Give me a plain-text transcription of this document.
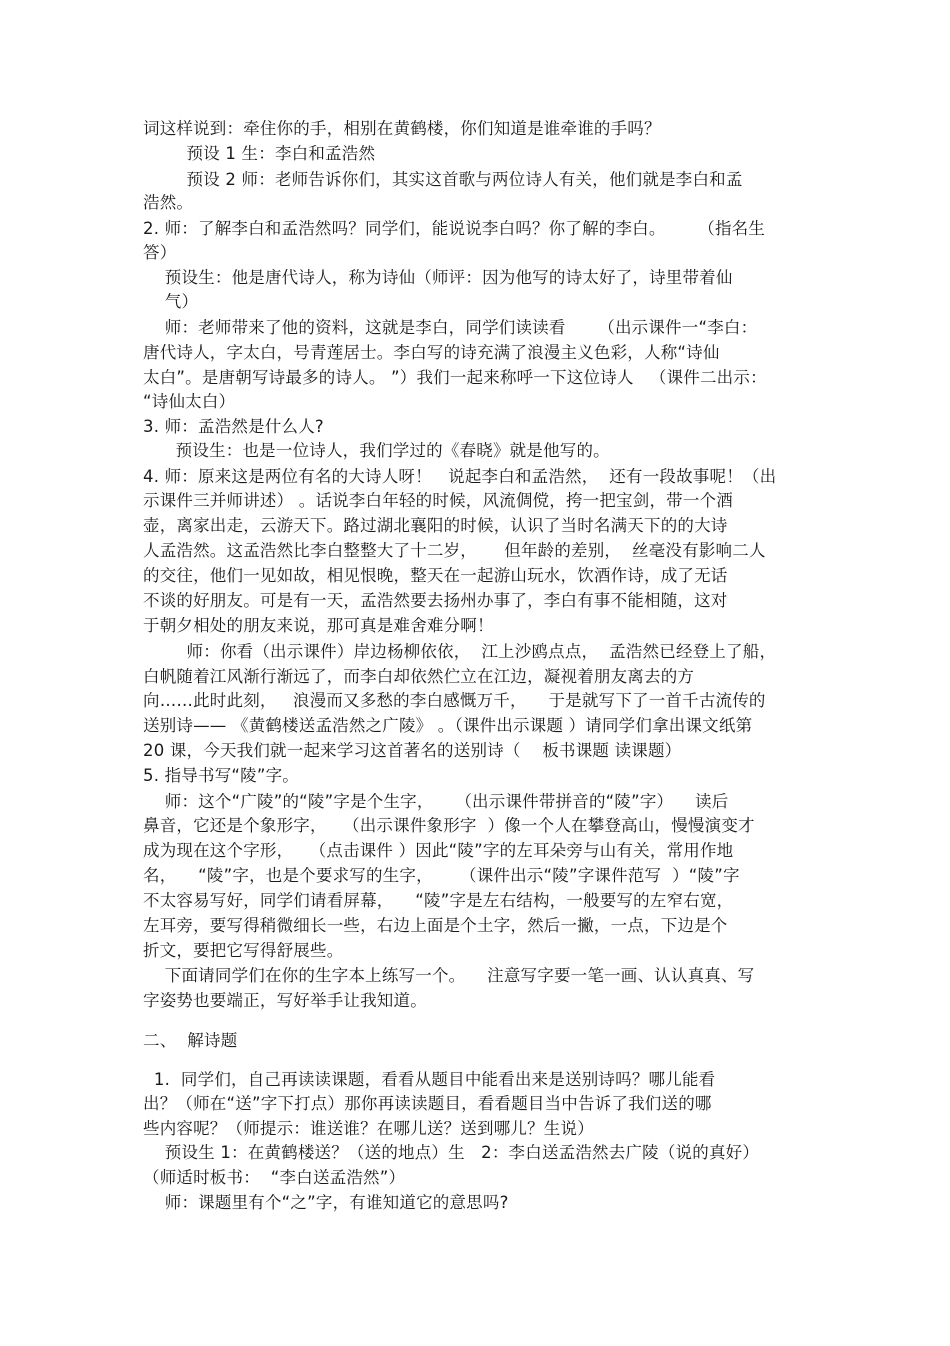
词这样说到：牵住你的手，相别在黄鹤楼，你们知道是谁牵谁的手吗？
预设 1 生：李白和孟浩然
预设 2 师：老师告诉你们，其实这首歌与两位诗人有关，他们就是李白和孟
浩然。
2. 师：了解李白和孟浩然吗？同学们，能说说李白吗？你了解的李白。      （指名生
答）
预设生：他是唐代诗人，称为诗仙（师评：因为他写的诗太好了，诗里带着仙
气）
师：老师带来了他的资料，这就是李白，同学们读读看      （出示课件一“李白：
唐代诗人，字太白，号青莲居士。李白写的诗充满了浪漫主义色彩，人称“诗仙
太白”。是唐朝写诗最多的诗人。 ”）我们一起来称呼一下这位诗人   （课件二出示：
“诗仙太白）
3. 师：孟浩然是什么人?
预设生：也是一位诗人，我们学过的《春晓》就是他写的。
4. 师：原来这是两位有名的大诗人呀！   说起李白和孟浩然，  还有一段故事呢！（出
示课件三并师讲述） 。话说李白年轻的时候，风流倜傥，挎一把宝剑，带一个酒
壶，离家出走，云游天下。路过湖北襄阳的时候，认识了当时名满天下的的大诗
人孟浩然。这孟浩然比李白整整大了十二岁，     但年龄的差别，  丝毫没有影响二人
的交往，他们一见如故，相见恨晚，整天在一起游山玩水，饮酒作诗，成了无话
不谈的好朋友。可是有一天，孟浩然要去扬州办事了，李白有事不能相随，这对
于朝夕相处的朋友来说，那可真是难舍难分啊！
师：你看（出示课件）岸边杨柳依依，  江上沙鸥点点，  孟浩然已经登上了船，
白帆随着江风渐行渐远了，而李白却依然伫立在江边，凝视着朋友离去的方
向……此时此刻，   浪漫而又多愁的李白感慨万千，    于是就写下了一首千古流传的
送别诗—— 《黄鹤楼送孟浩然之广陵》 。（课件出示课题 ）请同学们拿出课文纸第
20 课，今天我们就一起来学习这首著名的送别诗（    板书课题 读课题）
5. 指导书写“陵”字。
师：这个“广陵”的“陵”字是个生字，    （出示课件带拼音的“陵”字）    读后
鼻音，它还是个象形字，   （出示课件象形字  ）像一个人在攀登高山，慢慢演变才
成为现在这个字形，   （点击课件 ）因此“陵”字的左耳朵旁与山有关，常用作地
名，    “陵”字，也是个要求写的生字，     （课件出示“陵”字课件范写  ）“陵”字
不太容易写好，同学们请看屏幕，    “陵”字是左右结构，一般要写的左窄右宽，
左耳旁，要写得稍微细长一些，右边上面是个土字，然后一撇，一点，下边是个
折文，要把它写得舒展些。
下面请同学们在你的生字本上练写一个。    注意写字要一笔一画、认认真真、写
字姿势也要端正，写好举手让我知道。
二、  解诗题
1.  同学们，自己再读读课题，看看从题目中能看出来是送别诗吗？哪儿能看
出？（师在“送”字下打点）那你再读读题目，看看题目当中告诉了我们送的哪
些内容呢？（师提示：谁送谁？在哪儿送？送到哪儿？生说）
预设生 1：在黄鹤楼送？（送的地点）生   2：李白送孟浩然去广陵（说的真好）
（师适时板书：  “李白送孟浩然”）
师：课题里有个“之”字，有谁知道它的意思吗?
